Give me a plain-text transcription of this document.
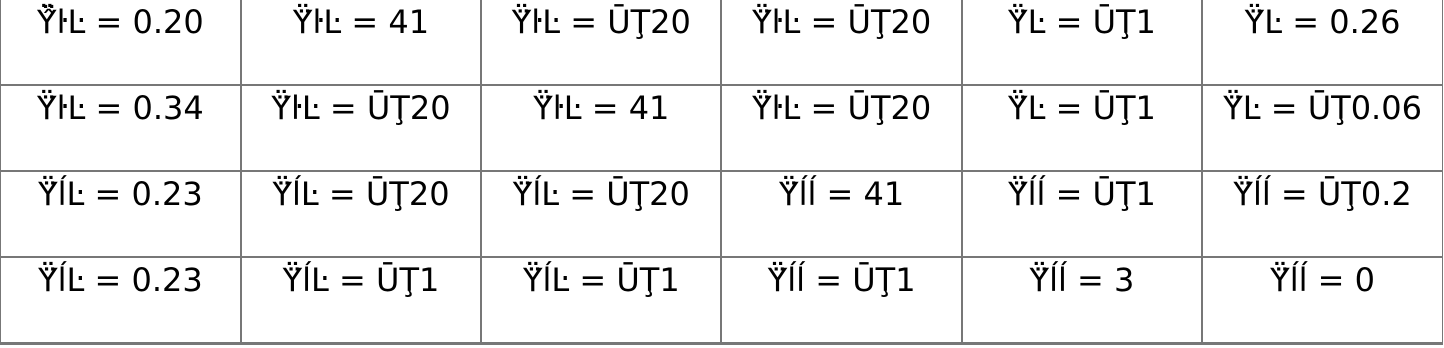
Ÿ̂̈ŀĿ = 0.20	Ÿ̈ŀĿ = 41	Ÿ̈ŀĿ = ŪŢ20	Ÿ̈ŀĿ = ŪŢ20	Ÿ̈Ŀ = ŪŢ1	Ÿ̈Ŀ = 0.26
Ÿ̈ŀĿ = 0.34	Ÿ̈ŀĿ = ŪŢ20	Ÿ̈ŀĿ = 41	Ÿ̈ŀĿ = ŪŢ20	Ÿ̈Ŀ = ŪŢ1	Ÿ̈Ŀ = ŪŢ0.06
Ÿ̈ĺĿ = 0.23	Ÿ̈ĺĿ = ŪŢ20	Ÿ̈ĺĿ = ŪŢ20	Ÿ̈ĺĺ = 41	Ÿ̈ĺĺ = ŪŢ1	Ÿ̈ĺĺ = ŪŢ0.2
Ÿ̈ĺĿ = 0.23	Ÿ̈ĺĿ = ŪŢ1	Ÿ̈ĺĿ = ŪŢ1	Ÿ̈ĺĺ = ŪŢ1	Ÿ̈ĺĺ = 3	Ÿ̈ĺĺ = 0
